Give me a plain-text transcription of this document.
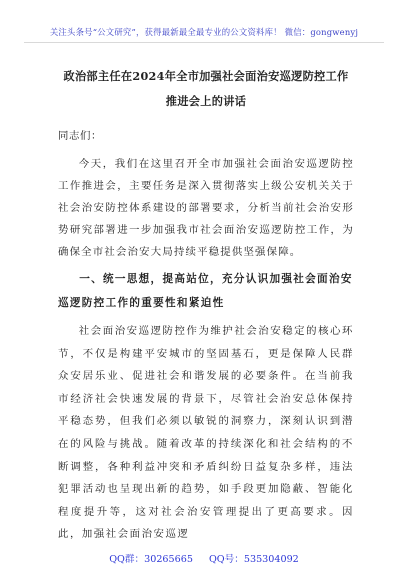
关注头条号“公文研究”，获得最新最全最专业的公文资料库！ 微信：gongwenyj
政治部主任在2024年全市加强社会面治安巡逻防控工作推进会上的讲话

同志们：

今天，我们在这里召开全市加强社会面治安巡逻防控工作推进会，主要任务是深入贯彻落实上级公安机关关于社会治安防控体系建设的部署要求，分析当前社会治安形势研究部署进一步加强我市社会面治安巡逻防控工作，为确保全市社会治安大局持续平稳提供坚强保障。

一、统一思想，提高站位，充分认识加强社会面治安巡逻防控工作的重要性和紧迫性

社会面治安巡逻防控作为维护社会治安稳定的核心环节，不仅是构建平安城市的坚固基石，更是保障人民群众安居乐业、促进社会和谐发展的必要条件。在当前我市经济社会快速发展的背景下，尽管社会治安总体保持平稳态势，但我们必须以敏锐的洞察力，深刻认识到潜在的风险与挑战。随着改革的持续深化和社会结构的不断调整，各种利益冲突和矛盾纠纷日益复杂多样，违法犯罪活动也呈现出新的趋势，如手段更加隐蔽、智能化程度提升等，这对社会治安管理提出了更高要求。因此，加强社会面治安巡逻

QQ群：30265665 QQ号：535304092
